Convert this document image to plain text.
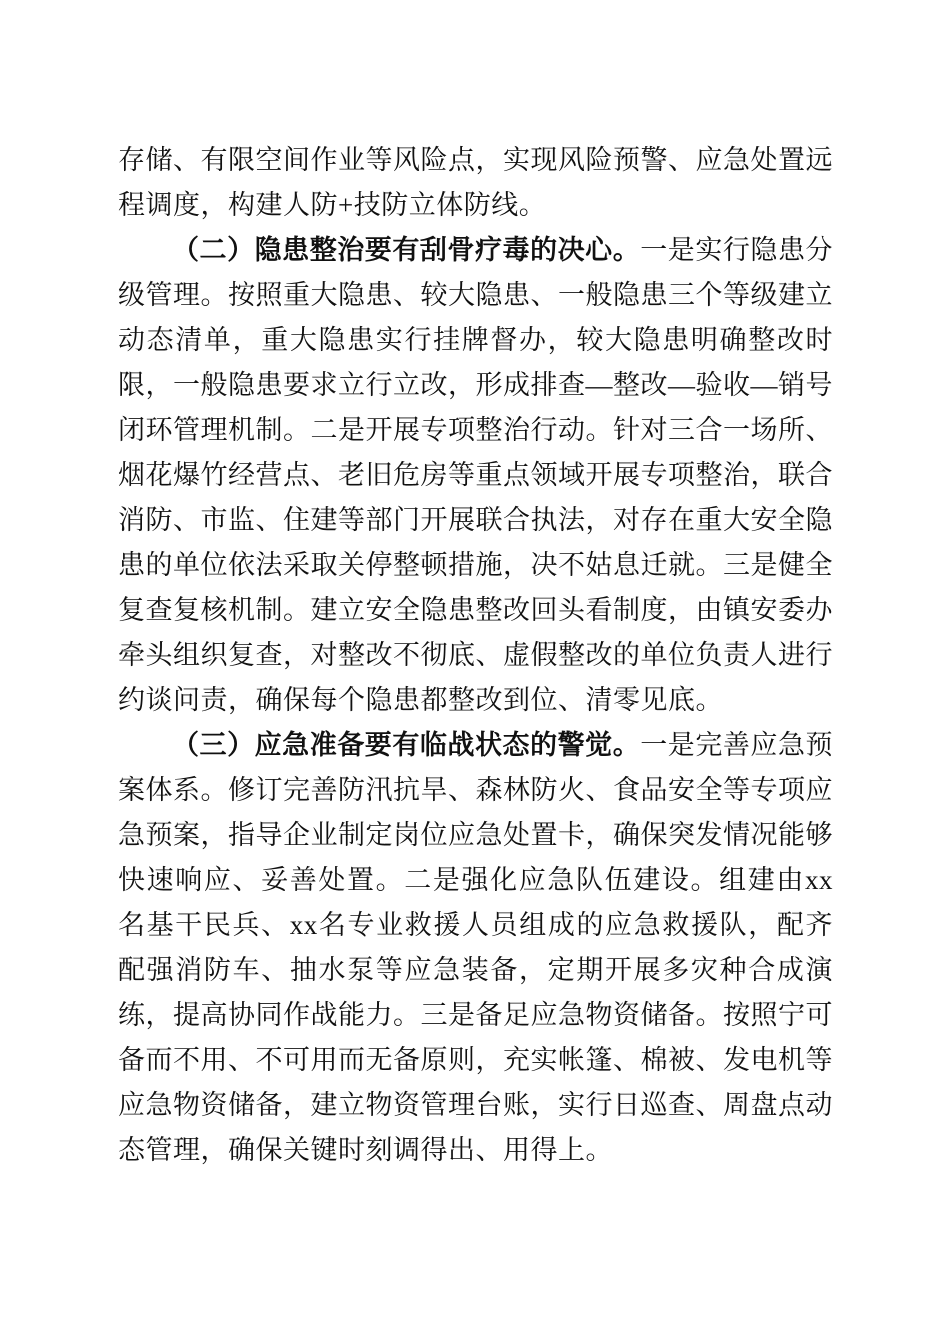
存储、有限空间作业等风险点，实现风险预警、应急处置远程调度，构建人防+技防立体防线。

（二）隐患整治要有刮骨疗毒的决心。一是实行隐患分级管理。按照重大隐患、较大隐患、一般隐患三个等级建立动态清单，重大隐患实行挂牌督办，较大隐患明确整改时限，一般隐患要求立行立改，形成排查—整改—验收—销号闭环管理机制。二是开展专项整治行动。针对三合一场所、烟花爆竹经营点、老旧危房等重点领域开展专项整治，联合消防、市监、住建等部门开展联合执法，对存在重大安全隐患的单位依法采取关停整顿措施，决不姑息迁就。三是健全复查复核机制。建立安全隐患整改回头看制度，由镇安委办牵头组织复查，对整改不彻底、虚假整改的单位负责人进行约谈问责，确保每个隐患都整改到位、清零见底。

（三）应急准备要有临战状态的警觉。一是完善应急预案体系。修订完善防汛抗旱、森林防火、食品安全等专项应急预案，指导企业制定岗位应急处置卡，确保突发情况能够快速响应、妥善处置。二是强化应急队伍建设。组建由xx名基干民兵、xx名专业救援人员组成的应急救援队，配齐配强消防车、抽水泵等应急装备，定期开展多灾种合成演练，提高协同作战能力。三是备足应急物资储备。按照宁可备而不用、不可用而无备原则，充实帐篷、棉被、发电机等应急物资储备，建立物资管理台账，实行日巡查、周盘点动态管理，确保关键时刻调得出、用得上。
